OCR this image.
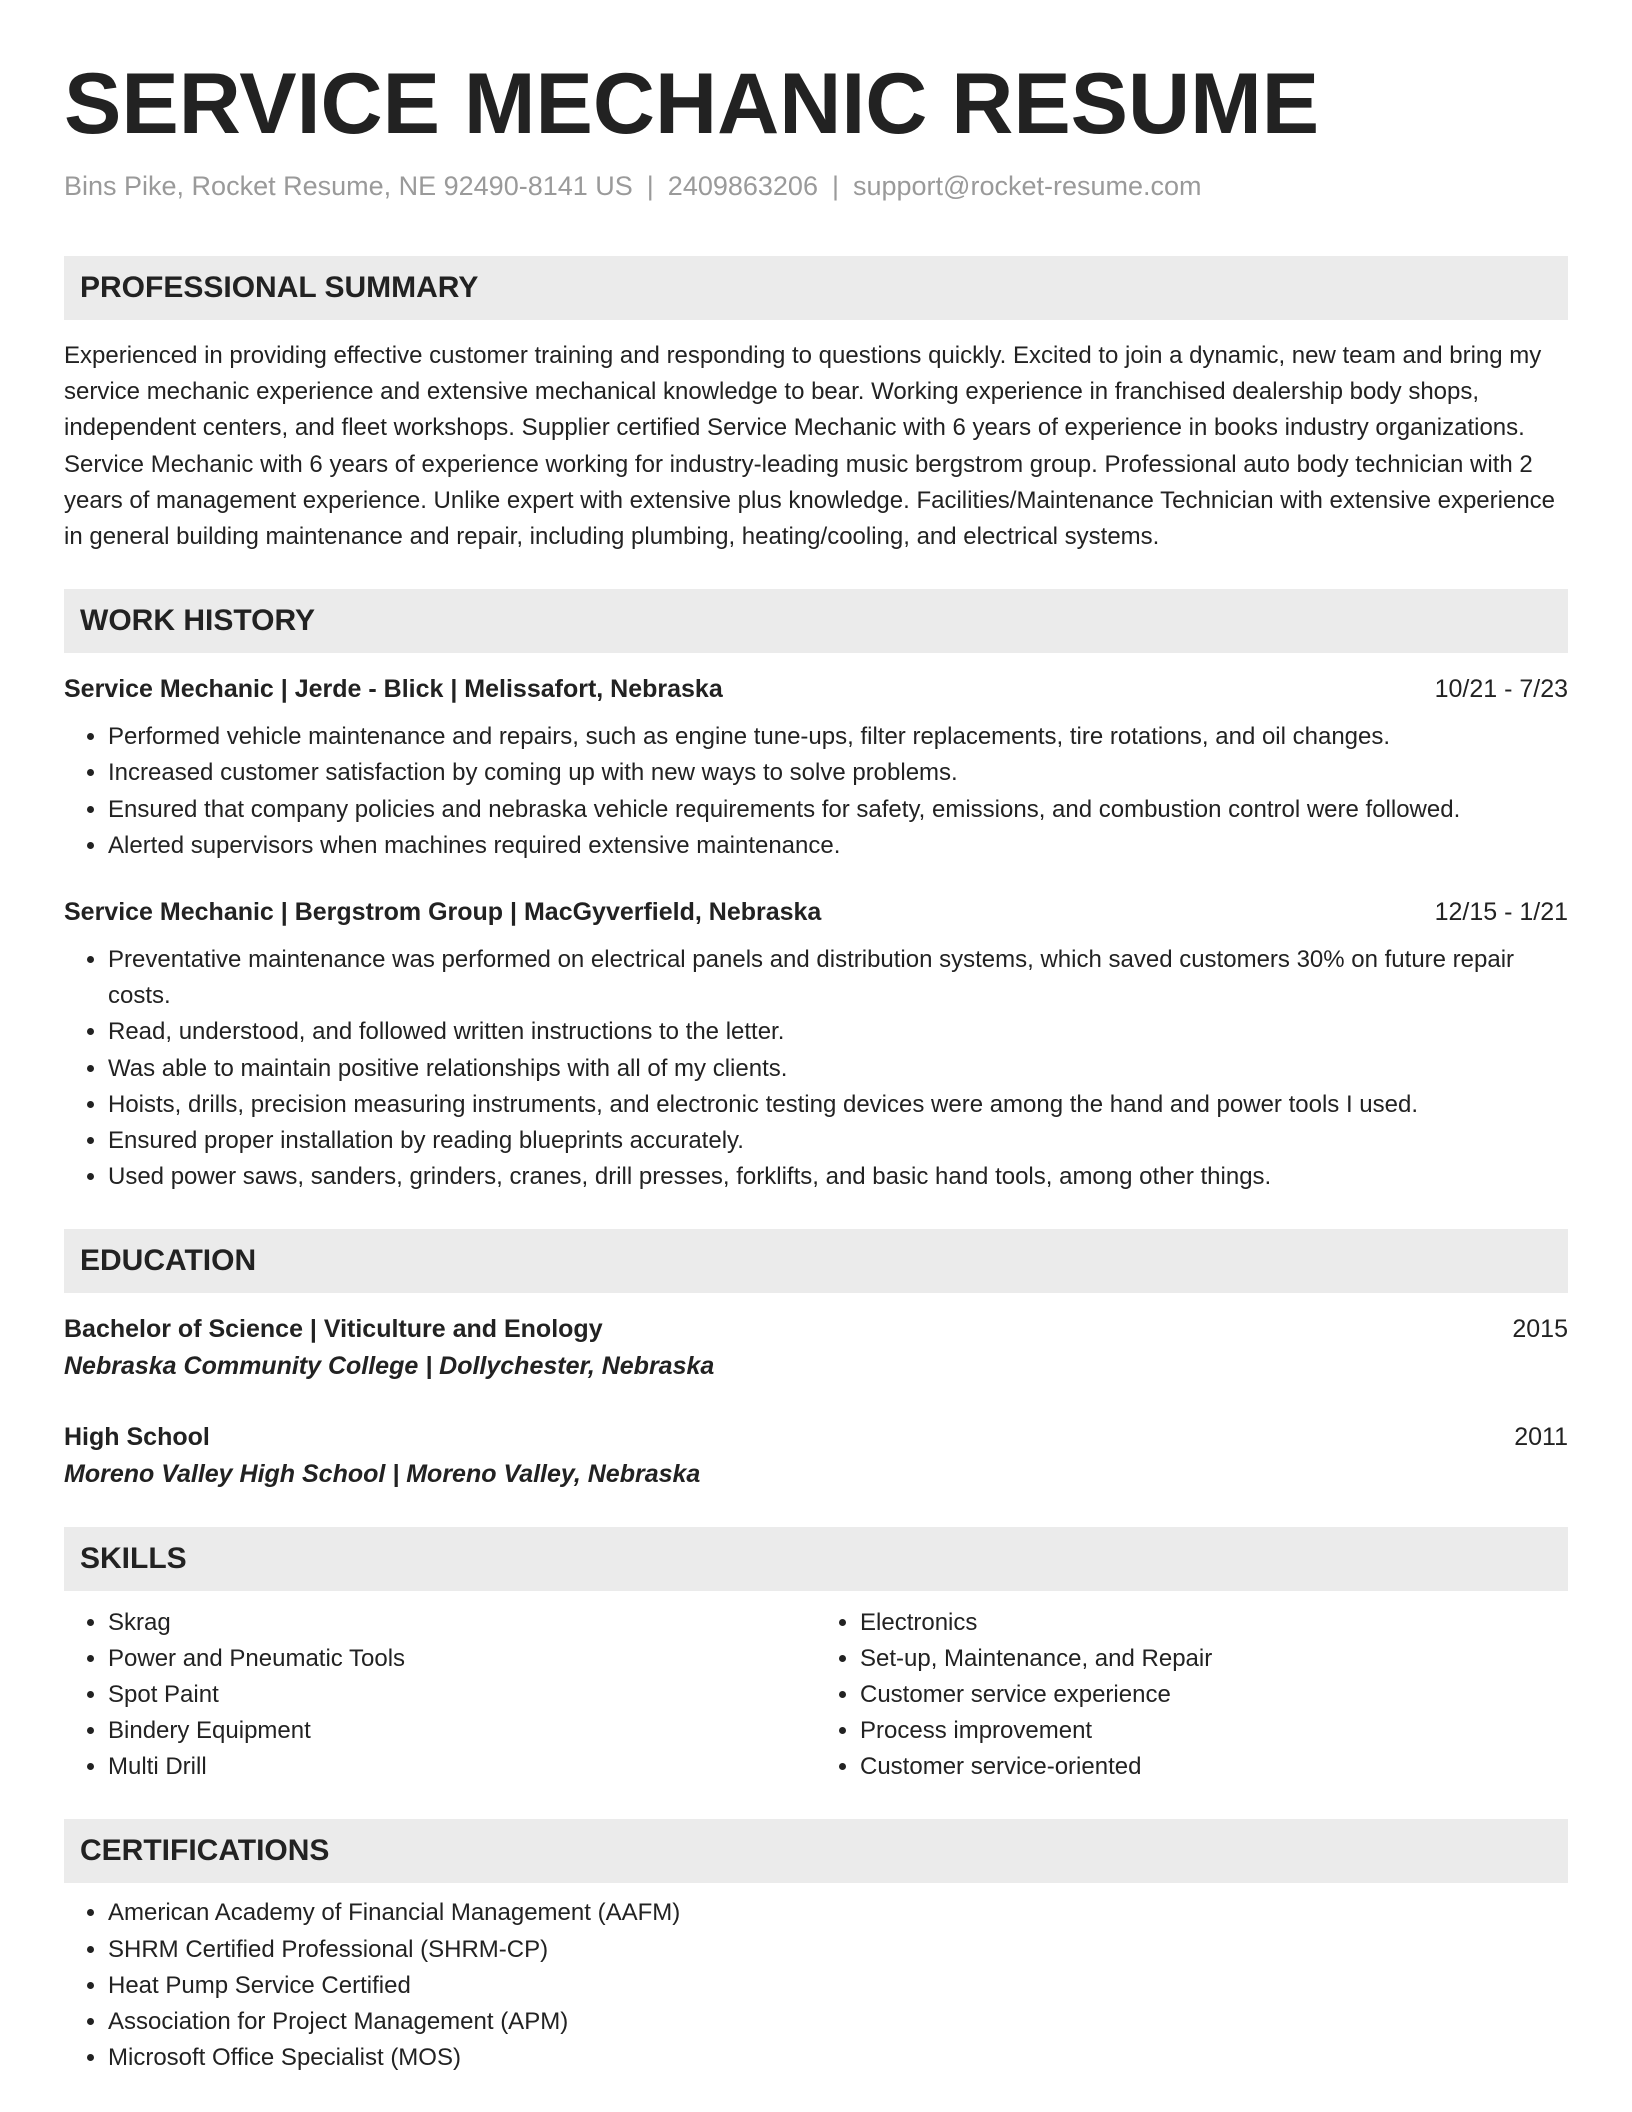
SERVICE MECHANIC RESUME
Bins Pike, Rocket Resume, NE 92490-8141 US | 2409863206 | support@rocket-resume.com
PROFESSIONAL SUMMARY
Experienced in providing effective customer training and responding to questions quickly. Excited to join a dynamic, new team and bring my service mechanic experience and extensive mechanical knowledge to bear. Working experience in franchised dealership body shops, independent centers, and fleet workshops. Supplier certified Service Mechanic with 6 years of experience in books industry organizations. Service Mechanic with 6 years of experience working for industry-leading music bergstrom group. Professional auto body technician with 2 years of management experience. Unlike expert with extensive plus knowledge. Facilities/Maintenance Technician with extensive experience in general building maintenance and repair, including plumbing, heating/cooling, and electrical systems.
WORK HISTORY
Service Mechanic | Jerde - Blick | Melissafort, Nebraska	10/21 - 7/23
• Performed vehicle maintenance and repairs, such as engine tune-ups, filter replacements, tire rotations, and oil changes.
• Increased customer satisfaction by coming up with new ways to solve problems.
• Ensured that company policies and nebraska vehicle requirements for safety, emissions, and combustion control were followed.
• Alerted supervisors when machines required extensive maintenance.
Service Mechanic | Bergstrom Group | MacGyverfield, Nebraska	12/15 - 1/21
• Preventative maintenance was performed on electrical panels and distribution systems, which saved customers 30% on future repair costs.
• Read, understood, and followed written instructions to the letter.
• Was able to maintain positive relationships with all of my clients.
• Hoists, drills, precision measuring instruments, and electronic testing devices were among the hand and power tools I used.
• Ensured proper installation by reading blueprints accurately.
• Used power saws, sanders, grinders, cranes, drill presses, forklifts, and basic hand tools, among other things.
EDUCATION
Bachelor of Science | Viticulture and Enology	2015
Nebraska Community College | Dollychester, Nebraska
High School	2011
Moreno Valley High School | Moreno Valley, Nebraska
SKILLS
• Skrag
• Power and Pneumatic Tools
• Spot Paint
• Bindery Equipment
• Multi Drill
• Electronics
• Set-up, Maintenance, and Repair
• Customer service experience
• Process improvement
• Customer service-oriented
CERTIFICATIONS
• American Academy of Financial Management (AAFM)
• SHRM Certified Professional (SHRM-CP)
• Heat Pump Service Certified
• Association for Project Management (APM)
• Microsoft Office Specialist (MOS)
